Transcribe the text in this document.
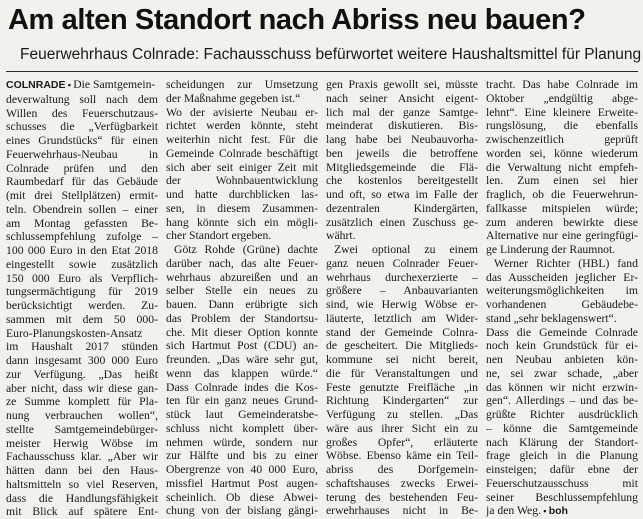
Am alten Standort nach Abriss neu bauen?
Feuerwehrhaus Colnrade: Fachausschuss befürwortet weitere Haushaltsmittel für Planung
COLNRADE ▪ Die Samtgemein-
deverwaltung soll nach dem
Willen des Feuerschutzaus-
schusses die „Verfügbarkeit
eines Grundstücks“ für einen
Feuerwehrhaus-Neubau in
Colnrade prüfen und den
Raumbedarf für das Gebäude
(mit drei Stellplätzen) ermit-
teln. Obendrein sollen – einer
am Montag gefassten Be-
schlussempfehlung zufolge –
100 000 Euro in den Etat 2018
eingestellt sowie zusätzlich
150 000 Euro als Verpflich-
tungsermächtigung für 2019
berücksichtigt werden. Zu-
sammen mit dem 50 000-
Euro-Planungskosten-Ansatz
im Haushalt 2017 stünden
dann insgesamt 300 000 Euro
zur Verfügung. „Das heißt
aber nicht, dass wir diese gan-
ze Summe komplett für Pla-
nung verbrauchen wollen“,
stellte Samtgemeindebürger-
meister Herwig Wöbse im
Fachausschuss klar. „Aber wir
hätten dann bei den Haus-
haltsmitteln so viel Reserven,
dass die Handlungsfähigkeit
mit Blick auf spätere Ent-
scheidungen zur Umsetzung
der Maßnahme gegeben ist.“
Wo der avisierte Neubau er-
richtet werden könnte, steht
weiterhin nicht fest. Für die
Gemeinde Colnrade beschäftigt
sich aber seit einiger Zeit mit
der Wohnbauentwicklung
und hatte durchblicken las-
sen, in diesem Zusammen-
hang könnte sich ein mögli-
cher Standort ergeben.
Götz Rohde (Grüne) dachte
darüber nach, das alte Feuer-
wehrhaus abzureißen und an
selber Stelle ein neues zu
bauen. Dann erübrigte sich
das Problem der Standortsu-
che. Mit dieser Option konnte
sich Hartmut Post (CDU) an-
freunden. „Das wäre sehr gut,
wenn das klappen würde.“
Dass Colnrade indes die Kos-
ten für ein ganz neues Grund-
stück laut Gemeinderatsbe-
schluss nicht komplett über-
nehmen würde, sondern nur
zur Hälfte und bis zu einer
Obergrenze von 40 000 Euro,
missfiel Hartmut Post augen-
scheinlich. Ob diese Abwei-
chung von der bislang gängi-
gen Praxis gewollt sei, müsste
nach seiner Ansicht eigent-
lich mal der ganze Samtge-
meinderat diskutieren. Bis-
lang habe bei Neubauvorha-
ben jeweils die betroffene
Mitgliedsgemeinde die Flä-
che kostenlos bereitgestellt
und oft, so etwa im Falle der
dezentralen Kindergärten,
zusätzlich einen Zuschuss ge-
währt.
Zwei optional zu einem
ganz neuen Colnrader Feuer-
wehrhaus durchexerzierte –
größere – Anbauvarianten
sind, wie Herwig Wöbse er-
läuterte, letztlich am Wider-
stand der Gemeinde Colnra-
de gescheitert. Die Mitglieds-
kommune sei nicht bereit,
die für Veranstaltungen und
Feste genutzte Freifläche „in
Richtung Kindergarten“ zur
Verfügung zu stellen. „Das
wäre aus ihrer Sicht ein zu
großes Opfer“, erläuterte
Wöbse. Ebenso käme ein Teil-
abriss des Dorfgemein-
schaftshauses zwecks Erwei-
terung des bestehenden Feu-
erwehrhauses nicht in Be-
tracht. Das habe Colnrade im
Oktober „endgültig abge-
lehnt“. Eine kleinere Erweite-
rungslösung, die ebenfalls
zwischenzeitlich geprüft
worden sei, könne wiederum
die Verwaltung nicht empfeh-
len. Zum einen sei hier
fraglich, ob die Feuerwehrun-
fallkasse mitspielen würde;
zum anderen bewirkte diese
Alternative nur eine geringfügi-
ge Linderung der Raumnot.
Werner Richter (HBL) fand
das Ausscheiden jeglicher Er-
weiterungsmöglichkeiten im
vorhandenen Gebäudebe-
stand „sehr beklagenswert“.
Dass die Gemeinde Colnrade
noch kein Grundstück für ei-
nen Neubau anbieten kön-
ne, sei zwar schade, „aber
das können wir nicht erzwin-
gen“. Allerdings – und das be-
grüßte Richter ausdrücklich
– könne die Samtgemeinde
nach Klärung der Standort-
frage gleich in die Planung
einsteigen; dafür ebne der
Feuerschutzausschuss mit
seiner Beschlussempfehlung
ja den Weg. ▪ boh
